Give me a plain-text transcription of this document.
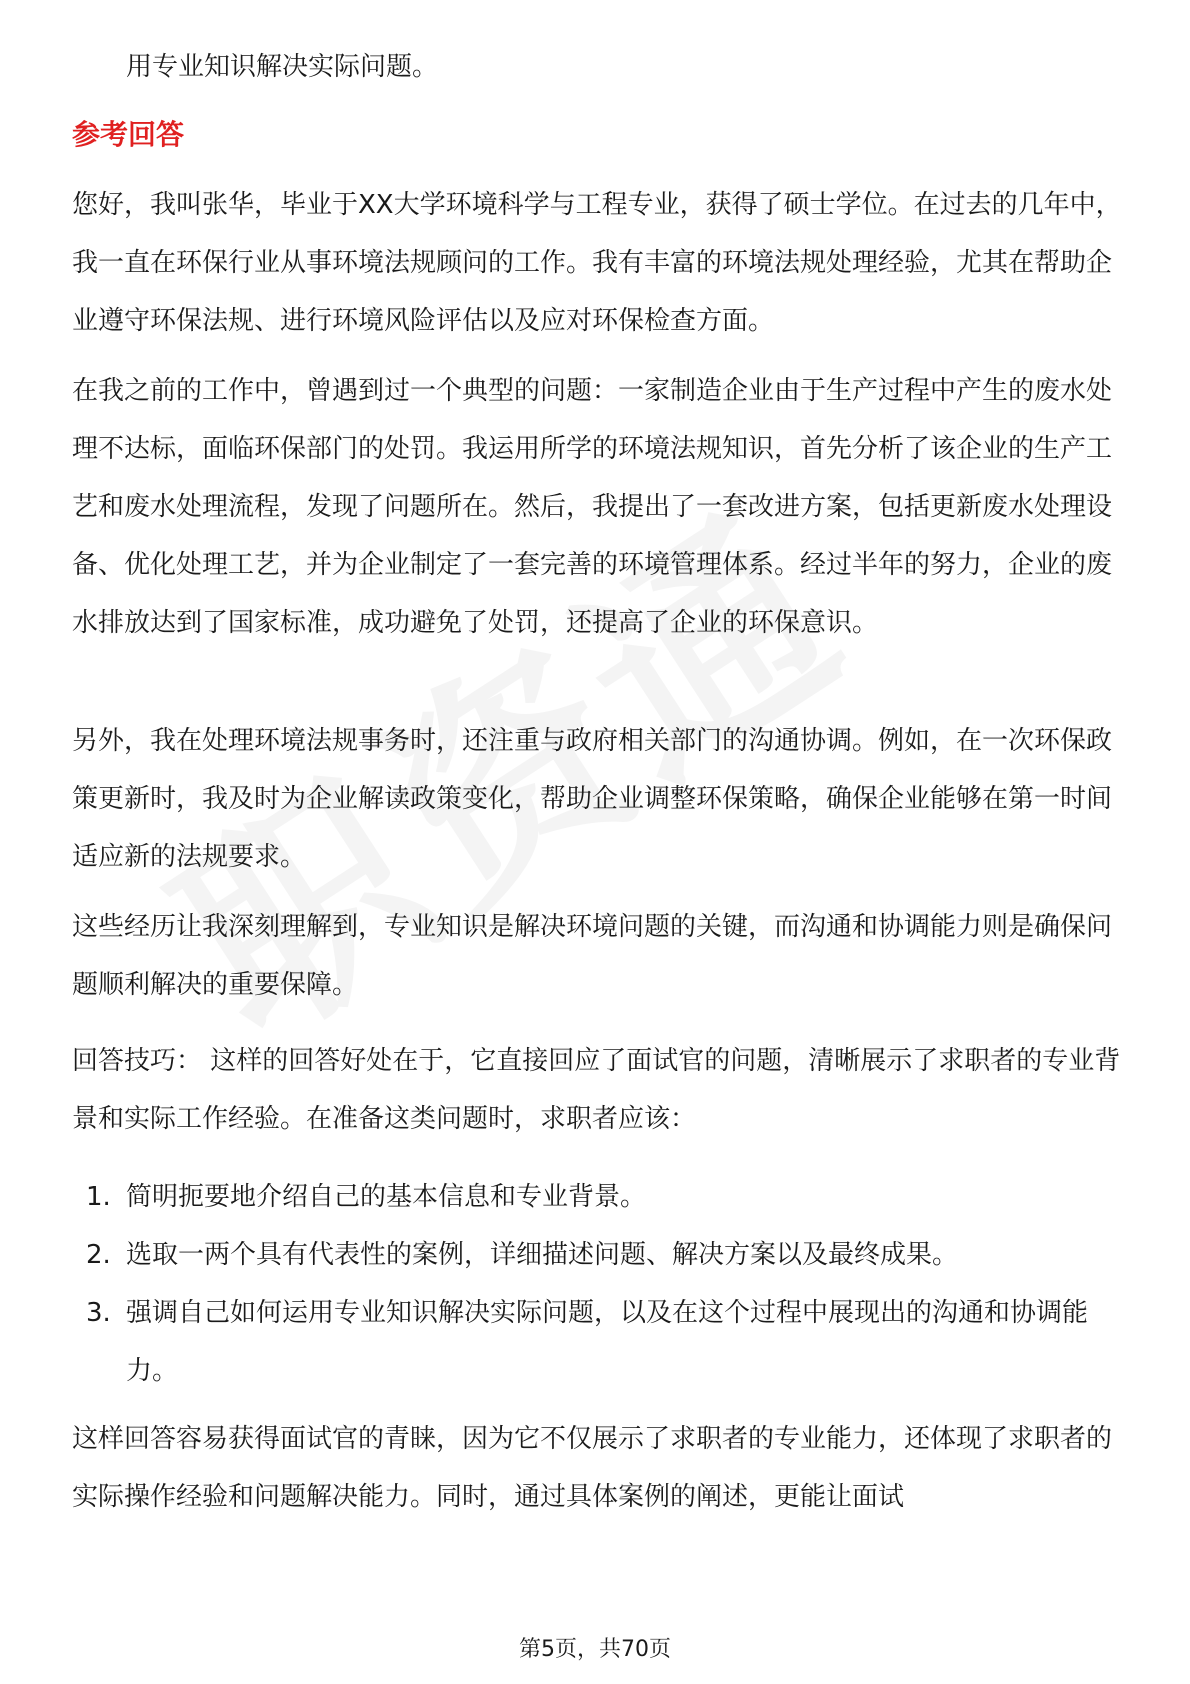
用专业知识解决实际问题。

参考回答

您好，我叫张华，毕业于XX大学环境科学与工程专业，获得了硕士学位。在过去的几年中，我一直在环保行业从事环境法规顾问的工作。我有丰富的环境法规处理经验，尤其在帮助企业遵守环保法规、进行环境风险评估以及应对环保检查方面。

在我之前的工作中，曾遇到过一个典型的问题：一家制造企业由于生产过程中产生的废水处理不达标，面临环保部门的处罚。我运用所学的环境法规知识，首先分析了该企业的生产工艺和废水处理流程，发现了问题所在。然后，我提出了一套改进方案，包括更新废水处理设备、优化处理工艺，并为企业制定了一套完善的环境管理体系。经过半年的努力，企业的废水排放达到了国家标准，成功避免了处罚，还提高了企业的环保意识。

另外，我在处理环境法规事务时，还注重与政府相关部门的沟通协调。例如，在一次环保政策更新时，我及时为企业解读政策变化，帮助企业调整环保策略，确保企业能够在第一时间适应新的法规要求。

这些经历让我深刻理解到，专业知识是解决环境问题的关键，而沟通和协调能力则是确保问题顺利解决的重要保障。

回答技巧： 这样的回答好处在于，它直接回应了面试官的问题，清晰展示了求职者的专业背景和实际工作经验。在准备这类问题时，求职者应该：

1. 简明扼要地介绍自己的基本信息和专业背景。
2. 选取一两个具有代表性的案例，详细描述问题、解决方案以及最终成果。
3. 强调自己如何运用专业知识解决实际问题，以及在这个过程中展现出的沟通和协调能力。

这样回答容易获得面试官的青睐，因为它不仅展示了求职者的专业能力，还体现了求职者的实际操作经验和问题解决能力。同时，通过具体案例的阐述，更能让面试

第5页，共70页
